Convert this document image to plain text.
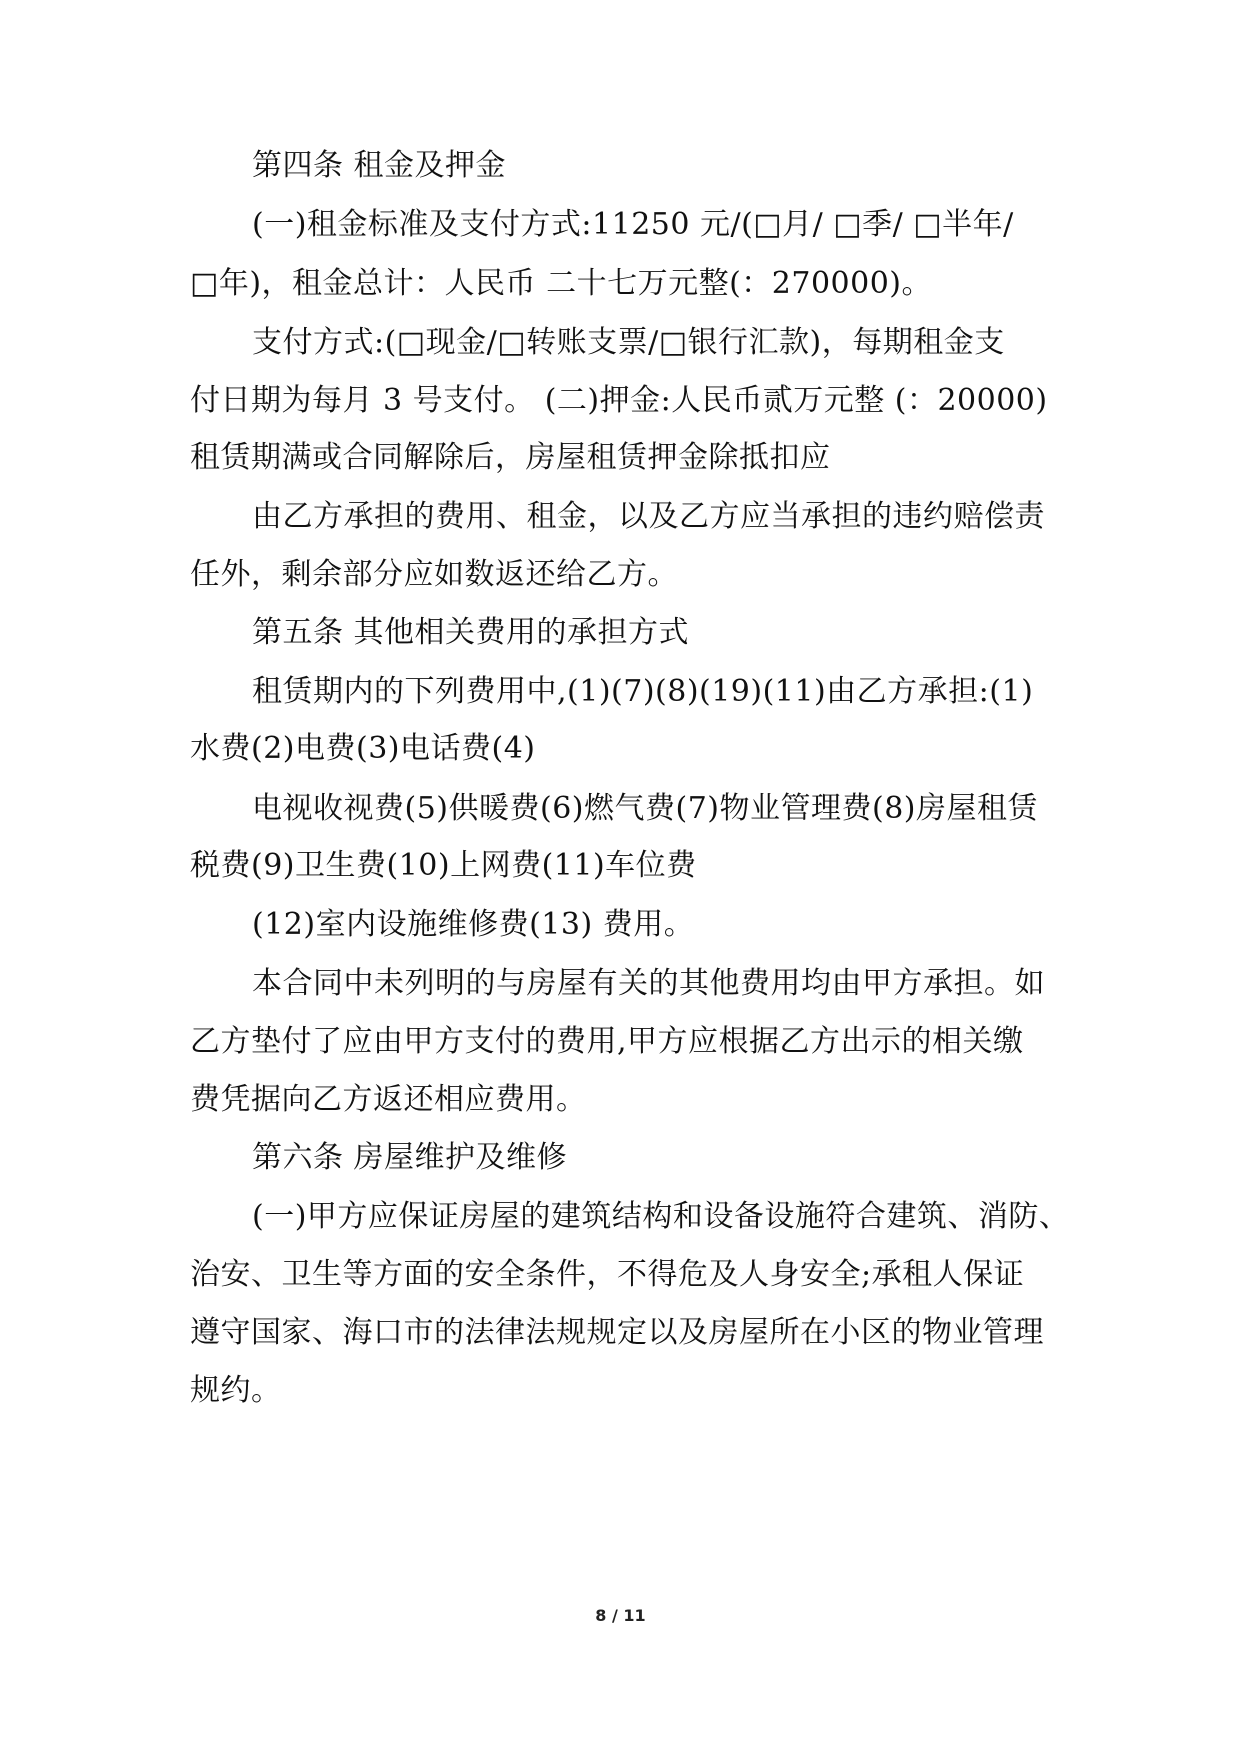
第四条 租金及押金
(一)租金标准及支付方式:11250 元/(□月/ □季/ □半年/
□年)，租金总计：人民币 二十七万元整(：270000)。
支付方式:(□现金/□转账支票/□银行汇款)，每期租金支
付日期为每月 3 号支付。 (二)押金:人民币贰万元整 (：20000)
租赁期满或合同解除后，房屋租赁押金除抵扣应
由乙方承担的费用、租金，以及乙方应当承担的违约赔偿责
任外，剩余部分应如数返还给乙方。
第五条 其他相关费用的承担方式
租赁期内的下列费用中,(1)(7)(8)(19)(11)由乙方承担:(1)
水费(2)电费(3)电话费(4)
电视收视费(5)供暖费(6)燃气费(7)物业管理费(8)房屋租赁
税费(9)卫生费(10)上网费(11)车位费
(12)室内设施维修费(13) 费用。
本合同中未列明的与房屋有关的其他费用均由甲方承担。如
乙方垫付了应由甲方支付的费用,甲方应根据乙方出示的相关缴
费凭据向乙方返还相应费用。
第六条 房屋维护及维修
(一)甲方应保证房屋的建筑结构和设备设施符合建筑、消防、
治安、卫生等方面的安全条件，不得危及人身安全;承租人保证
遵守国家、海口市的法律法规规定以及房屋所在小区的物业管理
规约。
8 / 11
